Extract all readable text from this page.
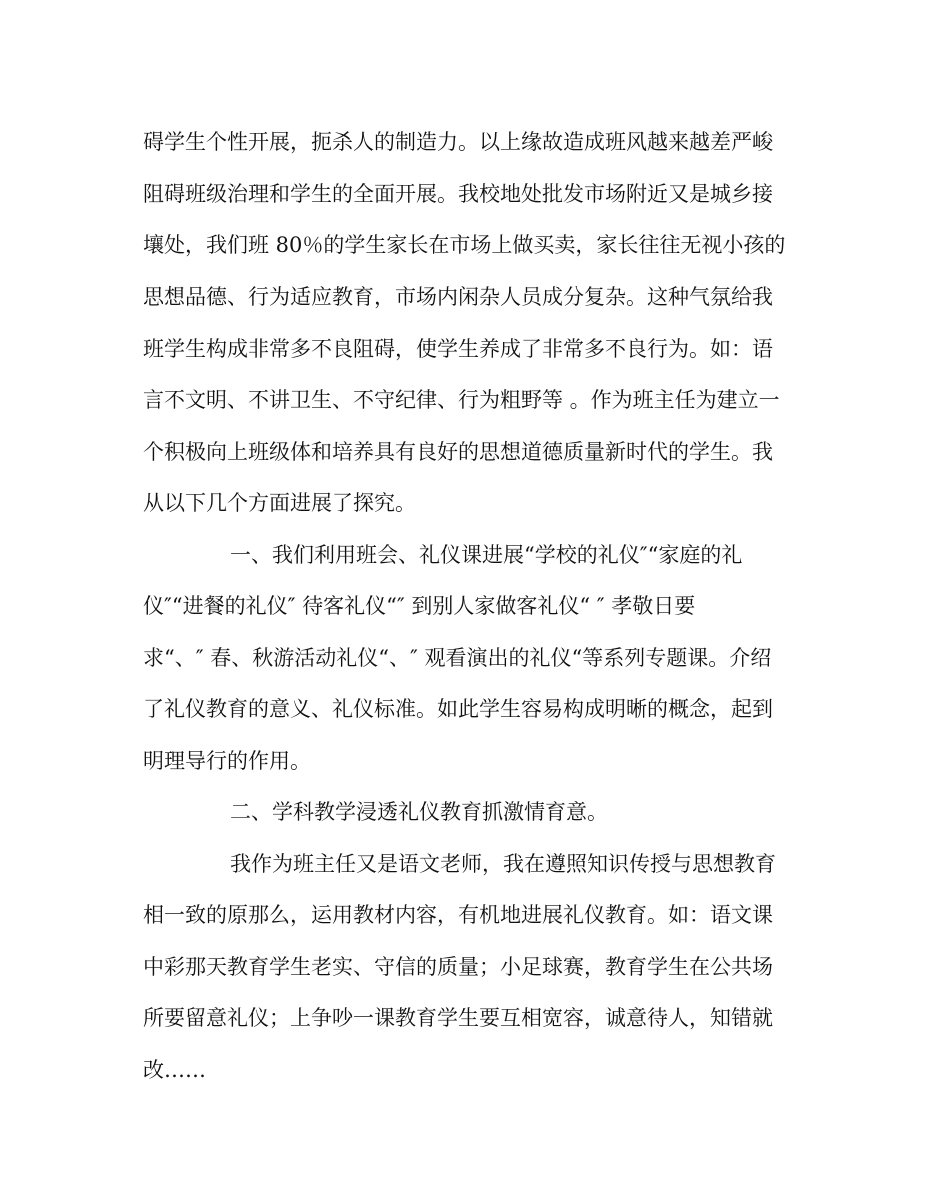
碍学生个性开展，扼杀人的制造力。以上缘故造成班风越来越差严峻
阻碍班级治理和学生的全面开展。我校地处批发市场附近又是城乡接
壤处，我们班 80％的学生家长在市场上做买卖，家长往往无视小孩的
思想品德、行为适应教育，市场内闲杂人员成分复杂。这种气氛给我
班学生构成非常多不良阻碍，使学生养成了非常多不良行为。如：语
言不文明、不讲卫生、不守纪律、行为粗野等 。作为班主任为建立一
个积极向上班级体和培养具有良好的思想道德质量新时代的学生。我
从以下几个方面进展了探究。
一、我们利用班会、礼仪课进展“学校的礼仪″“家庭的礼
仪″“进餐的礼仪″ 待客礼仪“″ 到别人家做客礼仪“ ″ 孝敬日要
求“、″ 春、秋游活动礼仪“、″ 观看演出的礼仪“等系列专题课。介绍
了礼仪教育的意义、礼仪标准。如此学生容易构成明晰的概念，起到
明理导行的作用。
二、学科教学浸透礼仪教育抓激情育意。
我作为班主任又是语文老师，我在遵照知识传授与思想教育
相一致的原那么，运用教材内容，有机地进展礼仪教育。如：语文课
中彩那天教育学生老实、守信的质量；小足球赛，教育学生在公共场
所要留意礼仪；上争吵一课教育学生要互相宽容，诚意待人，知错就
改……
